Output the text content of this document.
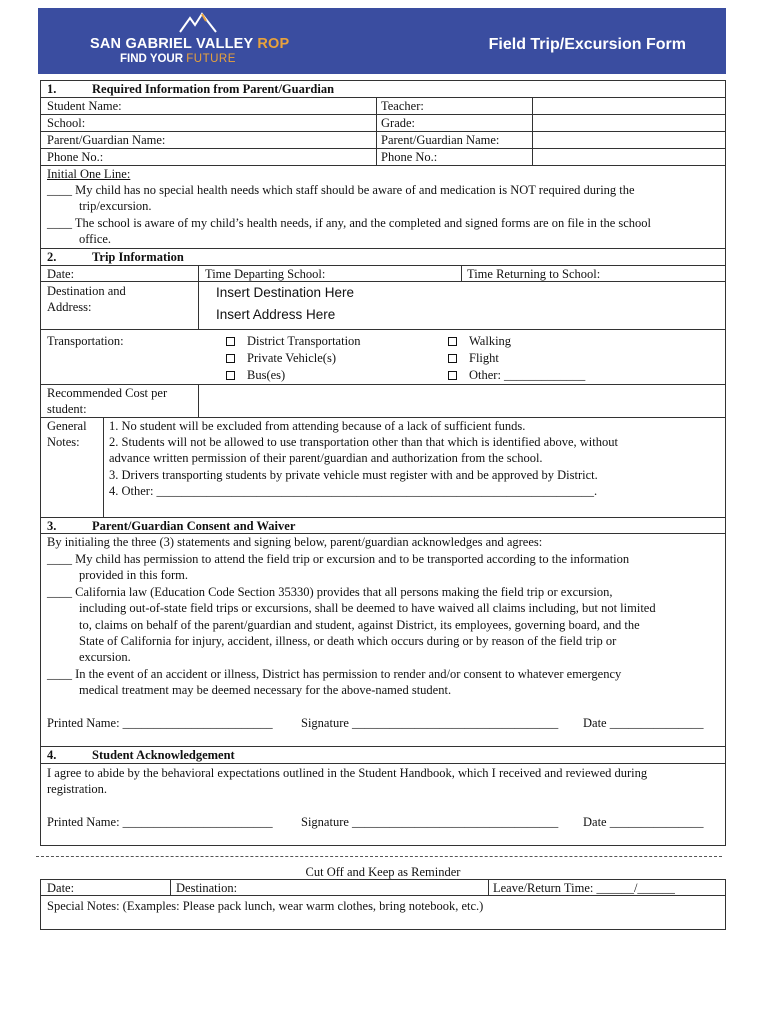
SAN GABRIEL VALLEY ROP
FIND YOUR FUTURE
Field Trip/Excursion Form
1.	Required Information from Parent/Guardian
Student Name:	Teacher:
School:	Grade:
Parent/Guardian Name:	Parent/Guardian Name:
Phone No.:	Phone No.:
Initial One Line:
____ My child has no special health needs which staff should be aware of and medication is NOT required during the
trip/excursion.
____ The school is aware of my child’s health needs, if any, and the completed and signed forms are on file in the school
office.
2.	Trip Information
Date:	Time Departing School:	Time Returning to School:
Destination and
Address:
Insert Destination Here
Insert Address Here
Transportation:	District Transportation
Private Vehicle(s)
Bus(es)
Walking
Flight
Other: _____________
Recommended Cost per
student:
General
Notes:
1. No student will be excluded from attending because of a lack of sufficient funds.
2. Students will not be allowed to use transportation other than that which is identified above, without
advance written permission of their parent/guardian and authorization from the school.
3. Drivers transporting students by private vehicle must register with and be approved by District.
4. Other: ______________________________________________________________________.
3.	Parent/Guardian Consent and Waiver
By initialing the three (3) statements and signing below, parent/guardian acknowledges and agrees:
____ My child has permission to attend the field trip or excursion and to be transported according to the information
provided in this form.
____ California law (Education Code Section 35330) provides that all persons making the field trip or excursion,
including out-of-state field trips or excursions, shall be deemed to have waived all claims including, but not limited
to, claims on behalf of the parent/guardian and student, against District, its employees, governing board, and the
State of California for injury, accident, illness, or death which occurs during or by reason of the field trip or
excursion.
____ In the event of an accident or illness, District has permission to render and/or consent to whatever emergency
medical treatment may be deemed necessary for the above-named student.
Printed Name: ________________________ Signature _________________________________ Date _______________
4.	Student Acknowledgement
I agree to abide by the behavioral expectations outlined in the Student Handbook, which I received and reviewed during
registration.
Printed Name: ________________________ Signature _________________________________ Date _______________
Cut Off and Keep as Reminder
Date:	Destination:	Leave/Return Time: ______/______
Special Notes: (Examples: Please pack lunch, wear warm clothes, bring notebook, etc.)
